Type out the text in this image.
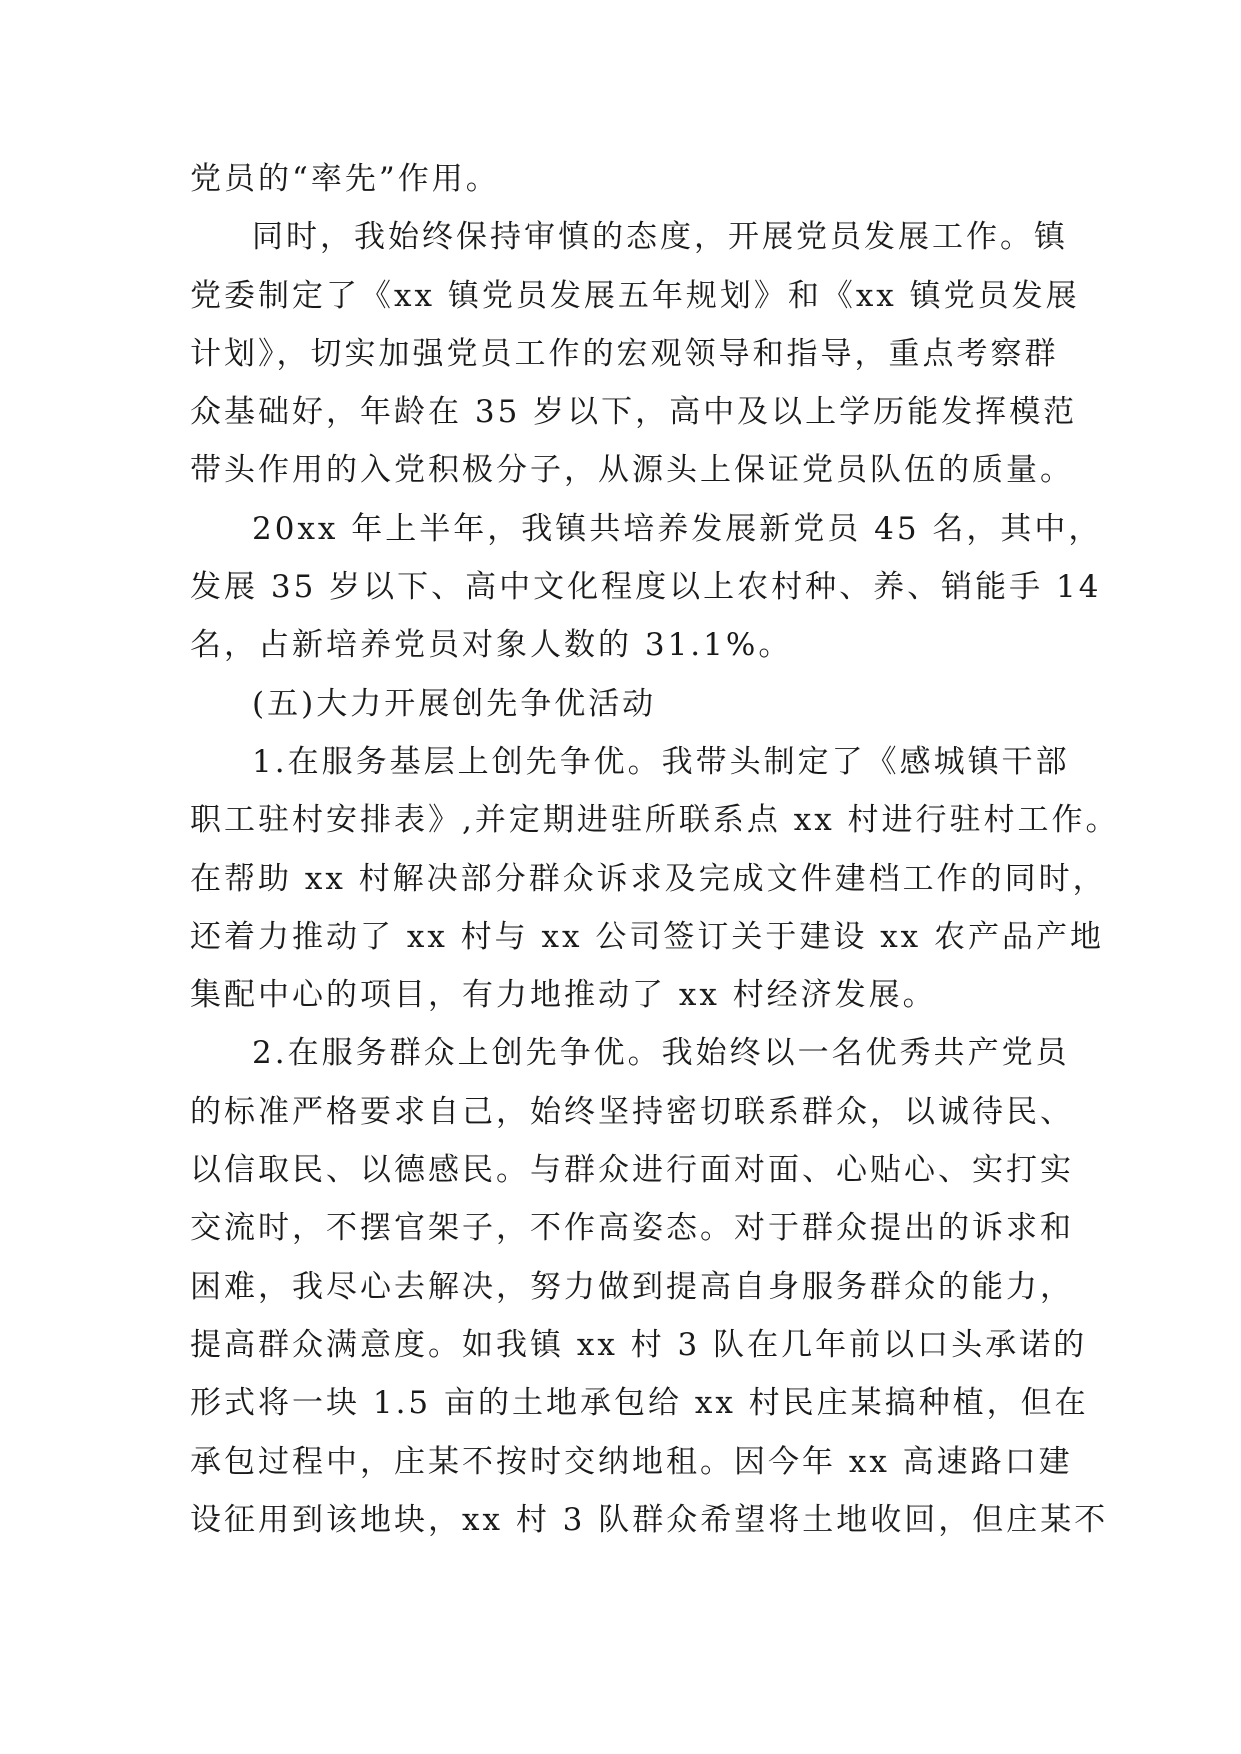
党员的“率先”作用。
同时，我始终保持审慎的态度，开展党员发展工作。镇
党委制定了《xx 镇党员发展五年规划》和《xx 镇党员发展
计划》，切实加强党员工作的宏观领导和指导，重点考察群
众基础好，年龄在 35 岁以下，高中及以上学历能发挥模范
带头作用的入党积极分子，从源头上保证党员队伍的质量。
20xx 年上半年，我镇共培养发展新党员 45 名，其中，
发展 35 岁以下、高中文化程度以上农村种、养、销能手 14
名，占新培养党员对象人数的 31.1%。
(五)大力开展创先争优活动
1.在服务基层上创先争优。我带头制定了《感城镇干部
职工驻村安排表》,并定期进驻所联系点 xx 村进行驻村工作。
在帮助 xx 村解决部分群众诉求及完成文件建档工作的同时，
还着力推动了 xx 村与 xx 公司签订关于建设 xx 农产品产地
集配中心的项目，有力地推动了 xx 村经济发展。
2.在服务群众上创先争优。我始终以一名优秀共产党员
的标准严格要求自己，始终坚持密切联系群众，以诚待民、
以信取民、以德感民。与群众进行面对面、心贴心、实打实
交流时，不摆官架子，不作高姿态。对于群众提出的诉求和
困难，我尽心去解决，努力做到提高自身服务群众的能力，
提高群众满意度。如我镇 xx 村 3 队在几年前以口头承诺的
形式将一块 1.5 亩的土地承包给 xx 村民庄某搞种植，但在
承包过程中，庄某不按时交纳地租。因今年 xx 高速路口建
设征用到该地块，xx 村 3 队群众希望将土地收回，但庄某不
